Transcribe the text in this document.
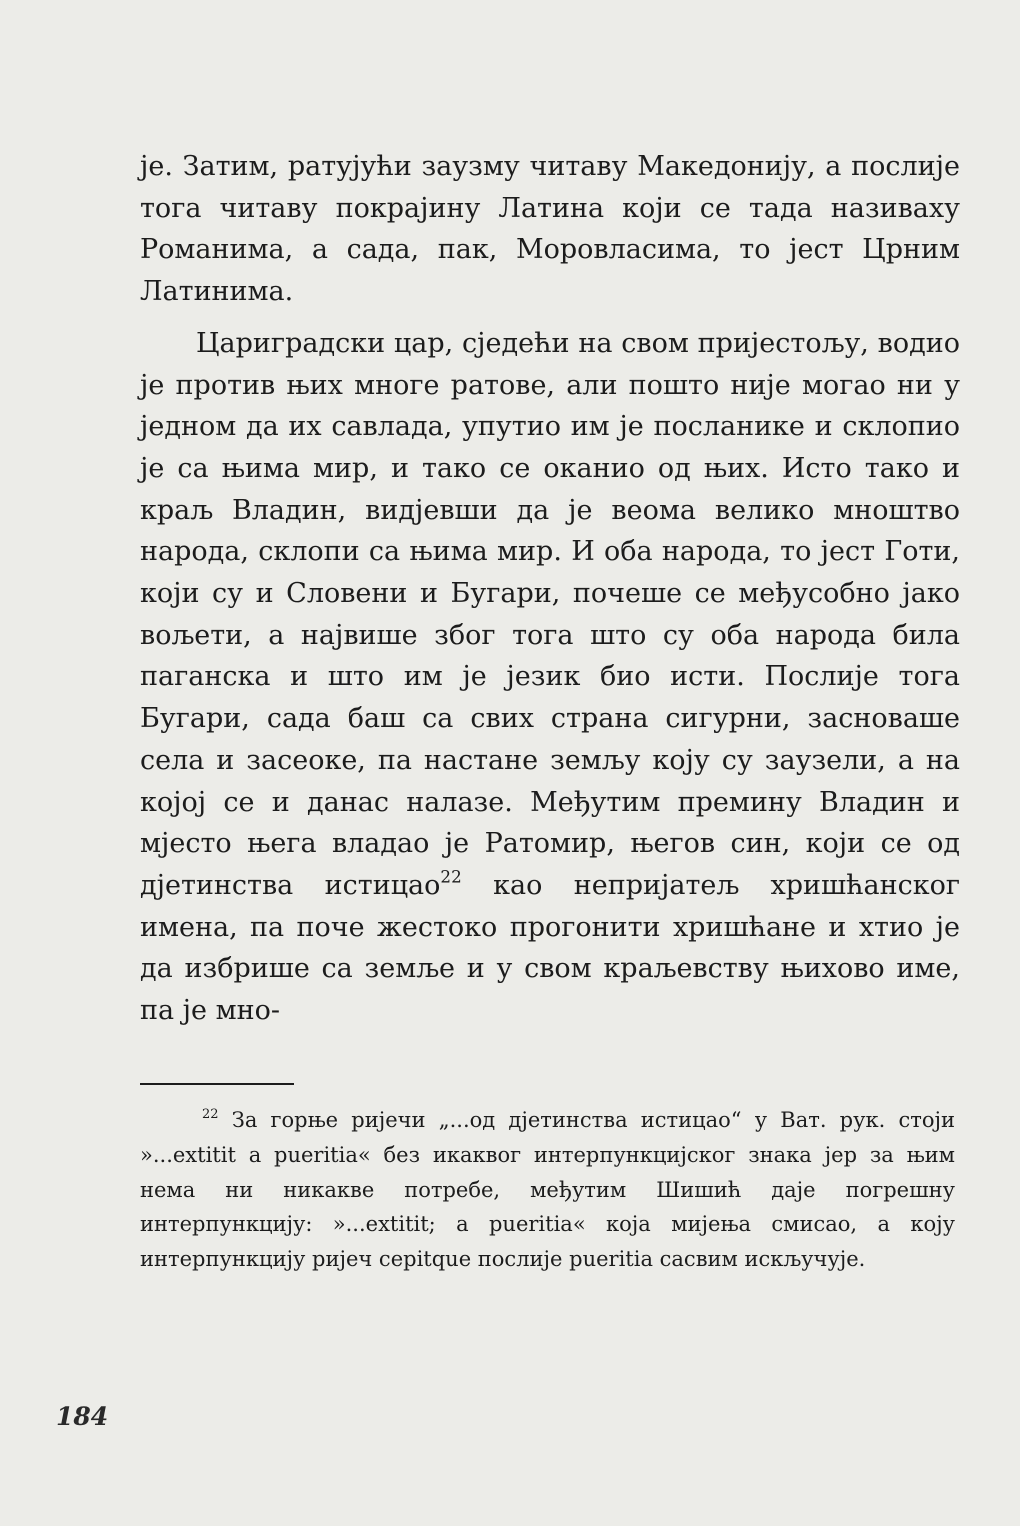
је. Затим, ратујући заузму читаву Македонију, а послије тога читаву покрајину Латина који се тада називаху Романима, а сада, пак, Моровласима, то јест Црним Латинима.

Цариградски цар, сједећи на свом пријестољу, водио је против њих многе ратове, али пошто није могао ни у једном да их савлада, упутио им је посланике и склопио је са њима мир, и тако се оканио од њих. Исто тако и краљ Владин, видјевши да је веома велико мноштво народа, склопи са њима мир. И оба народа, то јест Готи, који су и Словени и Бугари, почеше се међусобно јако вољети, а највише због тога што су оба народа била паганска и што им је језик био исти. Послије тога Бугари, сада баш са свих страна сигурни, засноваше села и засеоке, па настане земљу коју су заузели, а на којој се и данас налазе. Међутим премину Владин и мјесто њега владао је Ратомир, његов син, који се од дјетинства истицао$^{22}$ као непријатељ хришћанског имена, па поче жестоко прогонити хришћане и хтио је да избрише са земље и у свом краљевству њихово име, па је мно-

$^{22}$ За горње ријечи „...од дјетинства истицао“ у Ват. рук. стоји »...extitit a pueritia« без икаквог интерпункцијског знака јер за њим нема ни никакве потребе, међутим Шишић даје погрешну интерпункцију: »...extitit; a pueritia« која мијења смисао, а коју интерпункцију ријеч cepitque послије pueritia сасвим искључује.

184
